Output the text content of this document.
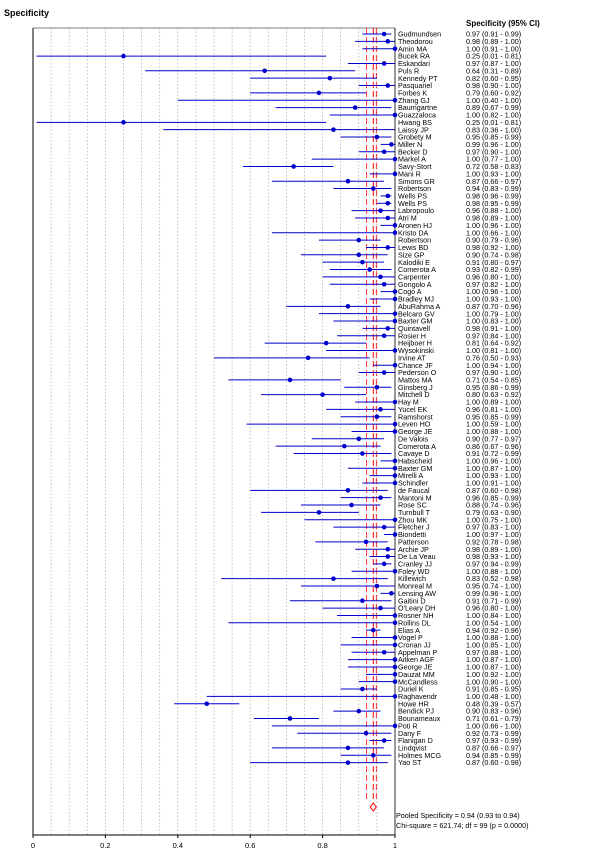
Specificity
Specificity (95% CI)
Gudmundsen	0.97 (0.91 - 0.99)
Theodorou	0.98 (0.89 - 1.00)
Amin MA	1.00 (0.91 - 1.00)
Bucek RA	0.25 (0.01 - 0.81)
Eskandari	0.97 (0.87 - 1.00)
Puls R	0.64 (0.31 - 0.89)
Kennedy PT	0.82 (0.60 - 0.95)
Pasquariel	0.98 (0.90 - 1.00)
Forbes K	0.79 (0.60 - 0.92)
Zhang GJ	1.00 (0.40 - 1.00)
Baumgartne	0.89 (0.67 - 0.99)
Guazzaloca	1.00 (0.82 - 1.00)
Hwang BS	0.25 (0.01 - 0.81)
Laissy JP	0.83 (0.36 - 1.00)
Grobety M	0.95 (0.85 - 0.99)
Miller N	0.99 (0.96 - 1.00)
Becker D	0.97 (0.90 - 1.00)
Markel A	1.00 (0.77 - 1.00)
Savy-Stort	0.72 (0.58 - 0.83)
Mani R	1.00 (0.93 - 1.00)
Simons GR	0.87 (0.66 - 0.97)
Robertson	0.94 (0.83 - 0.99)
Wells PS	0.98 (0.96 - 0.99)
Wells PS	0.98 (0.95 - 0.99)
Labropoulo	0.96 (0.88 - 1.00)
Atri M	0.98 (0.89 - 1.00)
Aronen HJ	1.00 (0.96 - 1.00)
Kristo DA	1.00 (0.66 - 1.00)
Robertson	0.90 (0.79 - 0.96)
Lewis BD	0.98 (0.92 - 1.00)
Size GP	0.90 (0.74 - 0.98)
Kalodiki E	0.91 (0.80 - 0.97)
Comerota A	0.93 (0.82 - 0.99)
Carpenter	0.96 (0.80 - 1.00)
Gongolo A	0.97 (0.82 - 1.00)
Cogo A	1.00 (0.96 - 1.00)
Bradley MJ	1.00 (0.93 - 1.00)
AbuRahma A	0.87 (0.70 - 0.96)
Belcaro GV	1.00 (0.79 - 1.00)
Baxter GM	1.00 (0.83 - 1.00)
Quintavell	0.98 (0.91 - 1.00)
Rosier H	0.97 (0.84 - 1.00)
Heijboer H	0.81 (0.64 - 0.92)
Wysokinski	1.00 (0.81 - 1.00)
Irvine AT	0.76 (0.50 - 0.93)
Chance JF	1.00 (0.94 - 1.00)
Pederson O	0.97 (0.90 - 1.00)
Mattos MA	0.71 (0.54 - 0.85)
Ginsberg J	0.95 (0.86 - 0.99)
Mitchell D	0.80 (0.63 - 0.92)
Hay M	1.00 (0.89 - 1.00)
Yucel EK	0.96 (0.81 - 1.00)
Ramshorst	0.95 (0.85 - 0.99)
Leven HO	1.00 (0.59 - 1.00)
George JE	1.00 (0.88 - 1.00)
De Valois	0.90 (0.77 - 0.97)
Comerota A	0.86 (0.67 - 0.96)
Cavaye D	0.91 (0.72 - 0.99)
Habscheid	1.00 (0.96 - 1.00)
Baxter GM	1.00 (0.87 - 1.00)
Mirelli A	1.00 (0.93 - 1.00)
Schindler	1.00 (0.91 - 1.00)
de Faucal	0.87 (0.60 - 0.98)
Mantoni M	0.96 (0.85 - 0.99)
Rose SC	0.88 (0.74 - 0.96)
Turnbull T	0.79 (0.63 - 0.90)
Zhou MK	1.00 (0.75 - 1.00)
Fletcher J	0.97 (0.83 - 1.00)
Biondetti	1.00 (0.97 - 1.00)
Patterson	0.92 (0.78 - 0.98)
Archie JP	0.98 (0.89 - 1.00)
De La Veau	0.98 (0.93 - 1.00)
Cranley JJ	0.97 (0.94 - 0.99)
Foley WD	1.00 (0.88 - 1.00)
Killewich	0.83 (0.52 - 0.98)
Monreal M	0.95 (0.74 - 1.00)
Lensing AW	0.99 (0.96 - 1.00)
Gaitini D	0.91 (0.71 - 0.99)
O'Leary DH	0.96 (0.80 - 1.00)
Rosner NH	1.00 (0.84 - 1.00)
Rollins DL	1.00 (0.54 - 1.00)
Elias A	0.94 (0.92 - 0.96)
Vogel P	1.00 (0.88 - 1.00)
Cronan JJ	1.00 (0.85 - 1.00)
Appelman P	0.97 (0.88 - 1.00)
Aitken AGF	1.00 (0.87 - 1.00)
George JE	1.00 (0.87 - 1.00)
Dauzat MM	1.00 (0.92 - 1.00)
McCandless	1.00 (0.90 - 1.00)
Duriel K	0.91 (0.85 - 0.95)
Raghavendr	1.00 (0.48 - 1.00)
Howe HR	0.48 (0.39 - 0.57)
Bendick PJ	0.90 (0.83 - 0.96)
Bounameaux	0.71 (0.61 - 0.79)
Poti R	1.00 (0.66 - 1.00)
Dany F	0.92 (0.73 - 0.99)
Flanigan D	0.97 (0.93 - 0.99)
Lindqvist	0.87 (0.66 - 0.97)
Holmes MCG	0.94 (0.85 - 0.99)
Yao ST	0.87 (0.60 - 0.98)
0	0.2	0.4	0.6	0.8	1
Pooled Specificity = 0.94 (0.93 to 0.94)
Chi-square = 621.74; df = 99 (p = 0.0000)
